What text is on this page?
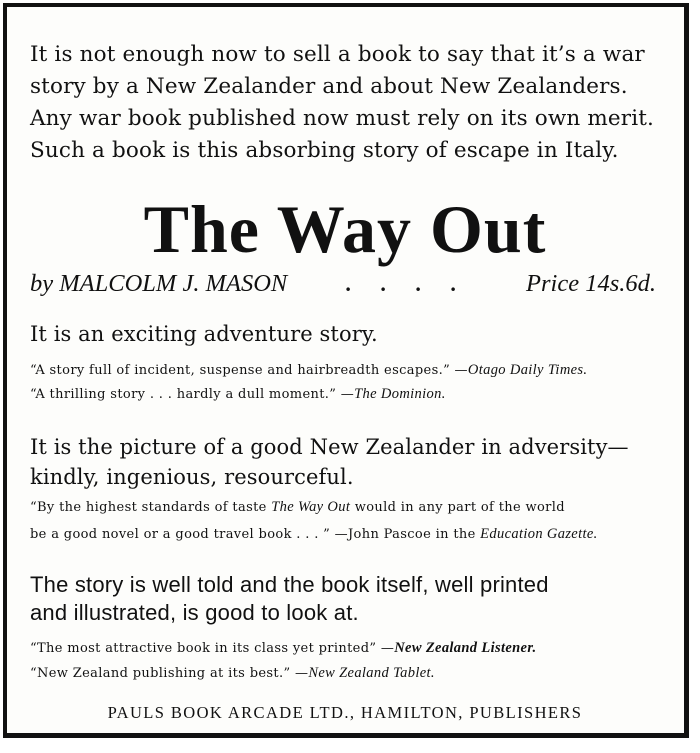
It is not enough now to sell a book to say that it’s a war
story by a New Zealander and about New Zealanders.
Any war book published now must rely on its own merit.
Such a book is this absorbing story of escape in Italy.

The Way Out
by MALCOLM J. MASON	. . . . Price 14s.6d.
It is an exciting adventure story.

“A story full of incident, suspense and hairbreadth escapes.” —Otago Daily Times.

“A thrilling story . . . hardly a dull moment.” —The Dominion.

It is the picture of a good New Zealander in adversity—
kindly, ingenious, resourceful.

“By the highest standards of taste The Way Out would in any part of the world

be a good novel or a good travel book . . . ” —John Pascoe in the Education Gazette.

The story is well told and the book itself, well printed
and illustrated, is good to look at.

“The most attractive book in its class yet printed” —New Zealand Listener.

“New Zealand publishing at its best.” —New Zealand Tablet.

PAULS BOOK ARCADE LTD., HAMILTON, PUBLISHERS
